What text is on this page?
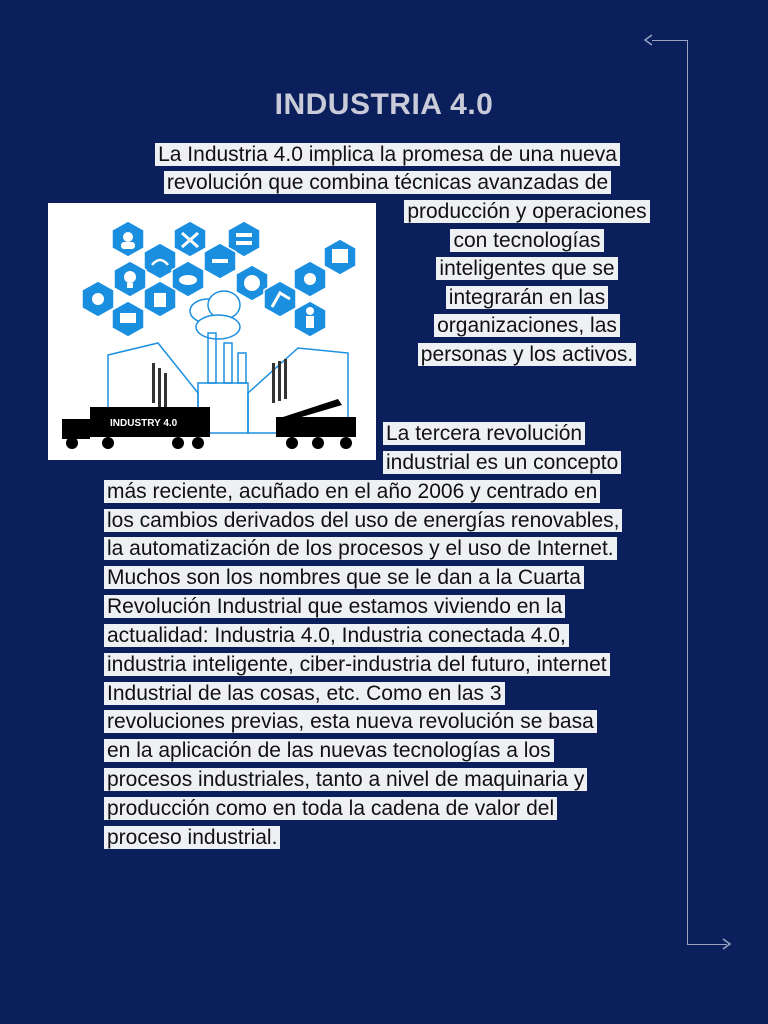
INDUSTRIA 4.0
La Industria 4.0 implica la promesa de una nueva
revolución que combina técnicas avanzadas de
producción y operaciones
con tecnologías
inteligentes que se
integrarán en las
organizaciones, las
personas y los activos.
INDUSTRY 4.0	La tercera revolución
industrial es un concepto
más reciente, acuñado en el año 2006 y centrado en
los cambios derivados del uso de energías renovables,
la automatización de los procesos y el uso de Internet.
Muchos son los nombres que se le dan a la Cuarta
Revolución Industrial que estamos viviendo en la
actualidad: Industria 4.0, Industria conectada 4.0,
industria inteligente, ciber-industria del futuro, internet
Industrial de las cosas, etc. Como en las 3
revoluciones previas, esta nueva revolución se basa
en la aplicación de las nuevas tecnologías a los
procesos industriales, tanto a nivel de maquinaria y
producción como en toda la cadena de valor del
proceso industrial.
